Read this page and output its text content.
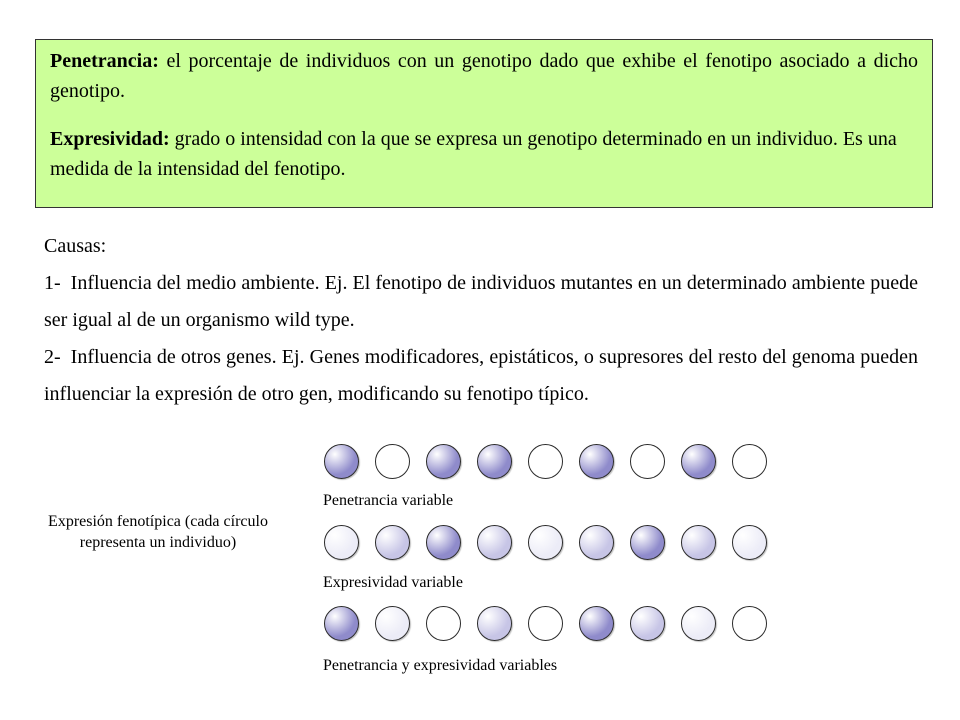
Penetrancia: el porcentaje de individuos con un genotipo dado que exhibe el fenotipo asociado a dicho genotipo.

Expresividad: grado o intensidad con la que se expresa un genotipo determinado en un individuo. Es una medida de la intensidad del fenotipo.

Causas:

1- Influencia del medio ambiente. Ej. El fenotipo de individuos mutantes en un determinado ambiente puede ser igual al de un organismo wild type.

2- Influencia de otros genes. Ej. Genes modificadores, epistáticos, o supresores del resto del genoma pueden influenciar la expresión de otro gen, modificando su fenotipo típico.

Expresión fenotípica (cada círculo representa un individuo)
Penetrancia variable
Expresividad variable
Penetrancia y expresividad variables
